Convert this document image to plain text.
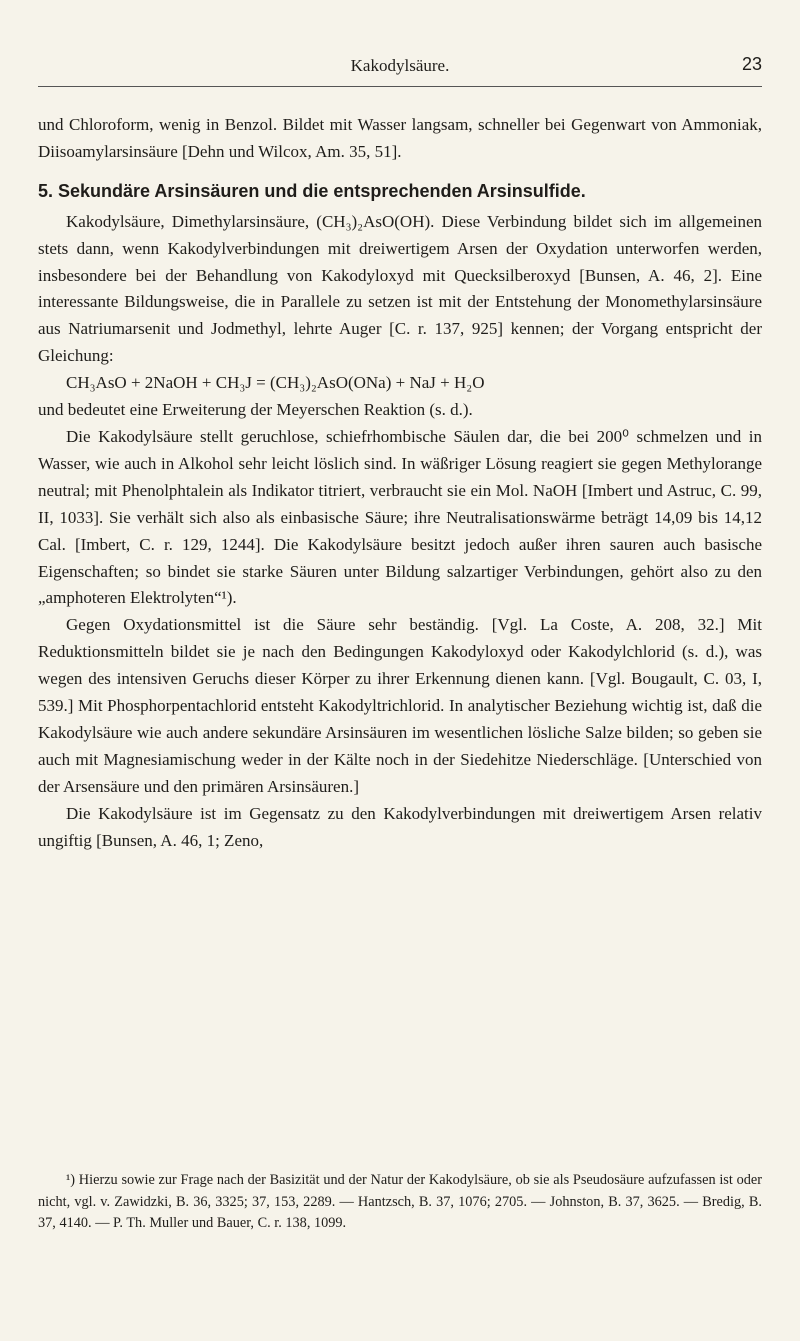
Kakodylsäure.	23

und Chloroform, wenig in Benzol. Bildet mit Wasser langsam, schneller bei Gegenwart von Ammoniak, Diisoamylarsinsäure [Dehn und Wilcox, Am. 35, 51].

5. Sekundäre Arsinsäuren und die entsprechenden Arsinsulfide.

Kakodylsäure, Dimethylarsinsäure, (CH₃)₂AsO(OH). Diese Verbindung bildet sich im allgemeinen stets dann, wenn Kakodylverbindungen mit dreiwertigem Arsen der Oxydation unterworfen werden, insbesondere bei der Behandlung von Kakodyloxyd mit Quecksilberoxyd [Bunsen, A. 46, 2]. Eine interessante Bildungsweise, die in Parallele zu setzen ist mit der Entstehung der Monomethylarsinsäure aus Natriumarsenit und Jodmethyl, lehrte Auger [C. r. 137, 925] kennen; der Vorgang entspricht der Gleichung:

CH₃AsO + 2NaOH + CH₃J = (CH₃)₂AsO(ONa) + NaJ + H₂O

und bedeutet eine Erweiterung der Meyerschen Reaktion (s. d.).

Die Kakodylsäure stellt geruchlose, schiefrhombische Säulen dar, die bei 200⁰ schmelzen und in Wasser, wie auch in Alkohol sehr leicht löslich sind. In wäßriger Lösung reagiert sie gegen Methylorange neutral; mit Phenolphtalein als Indikator titriert, verbraucht sie ein Mol. NaOH [Imbert und Astruc, C. 99, II, 1033]. Sie verhält sich also als einbasische Säure; ihre Neutralisationswärme beträgt 14,09 bis 14,12 Cal. [Imbert, C. r. 129, 1244]. Die Kakodylsäure besitzt jedoch außer ihren sauren auch basische Eigenschaften; so bindet sie starke Säuren unter Bildung salzartiger Verbindungen, gehört also zu den „amphoteren Elektrolyten“¹).

Gegen Oxydationsmittel ist die Säure sehr beständig. [Vgl. La Coste, A. 208, 32.] Mit Reduktionsmitteln bildet sie je nach den Bedingungen Kakodyloxyd oder Kakodylchlorid (s. d.), was wegen des intensiven Geruchs dieser Körper zu ihrer Erkennung dienen kann. [Vgl. Bougault, C. 03, I, 539.] Mit Phosphorpentachlorid entsteht Kakodyltrichlorid. In analytischer Beziehung wichtig ist, daß die Kakodylsäure wie auch andere sekundäre Arsinsäuren im wesentlichen lösliche Salze bilden; so geben sie auch mit Magnesiamischung weder in der Kälte noch in der Siedehitze Niederschläge. [Unterschied von der Arsensäure und den primären Arsinsäuren.]

Die Kakodylsäure ist im Gegensatz zu den Kakodylverbindungen mit dreiwertigem Arsen relativ ungiftig [Bunsen, A. 46, 1; Zeno,

¹) Hierzu sowie zur Frage nach der Basizität und der Natur der Kakodylsäure, ob sie als Pseudosäure aufzufassen ist oder nicht, vgl. v. Zawidzki, B. 36, 3325; 37, 153, 2289. — Hantzsch, B. 37, 1076; 2705. — Johnston, B. 37, 3625. — Bredig, B. 37, 4140. — P. Th. Muller und Bauer, C. r. 138, 1099.
